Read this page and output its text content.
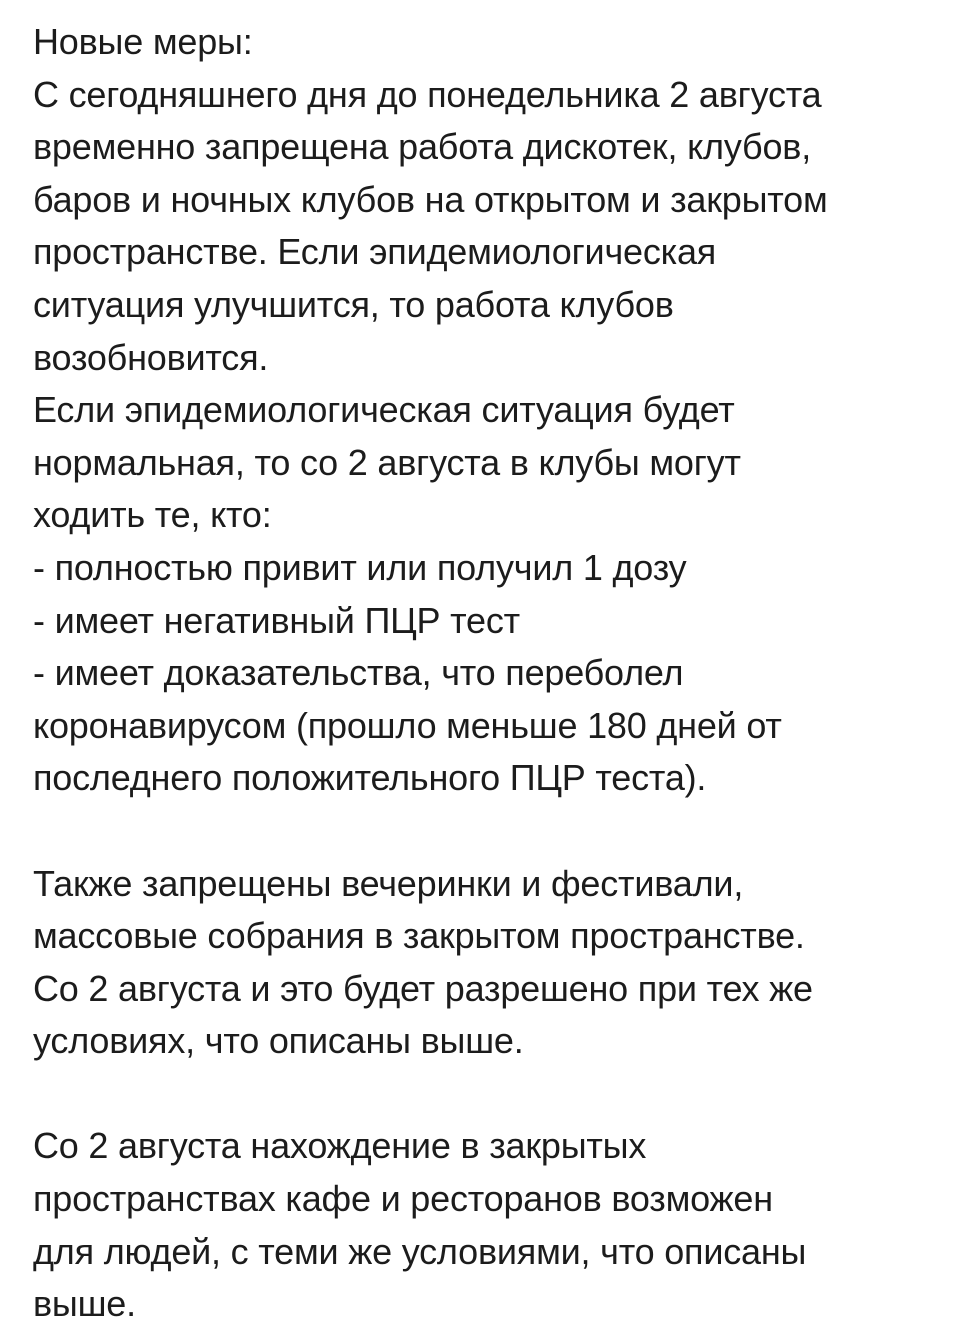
Новые меры:
С сегодняшнего дня до понедельника 2 августа
временно запрещена работа дискотек, клубов,
баров и ночных клубов на открытом и закрытом
пространстве. Если эпидемиологическая
ситуация улучшится, то работа клубов
возобновится.
Если эпидемиологическая ситуация будет
нормальная, то со 2 августа в клубы могут
ходить те, кто:
- полностью привит или получил 1 дозу
- имеет негативный ПЦР тест
- имеет доказательства, что переболел
коронавирусом (прошло меньше 180 дней от
последнего положительного ПЦР теста).
Также запрещены вечеринки и фестивали,
массовые собрания в закрытом пространстве.
Со 2 августа и это будет разрешено при тех же
условиях, что описаны выше.
Со 2 августа нахождение в закрытых
пространствах кафе и ресторанов возможен
для людей, с теми же условиями, что описаны
выше.
